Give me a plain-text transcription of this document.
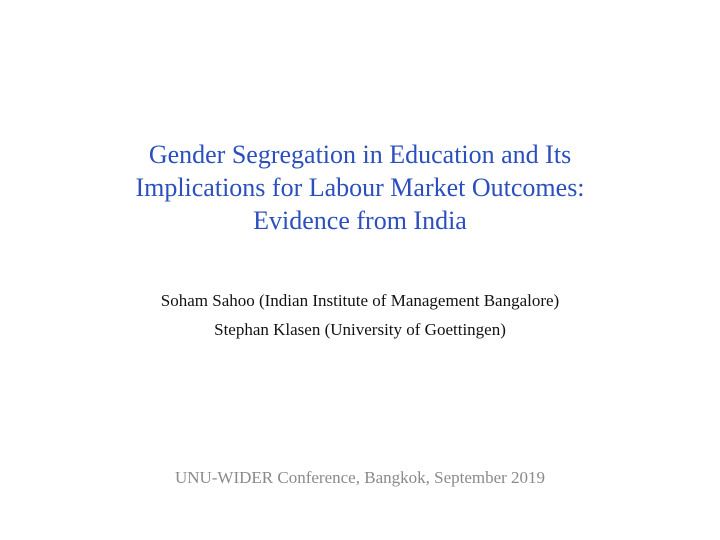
Gender Segregation in Education and Its
Implications for Labour Market Outcomes:
Evidence from India
Soham Sahoo (Indian Institute of Management Bangalore)
Stephan Klasen (University of Goettingen)
UNU-WIDER Conference, Bangkok, September 2019
